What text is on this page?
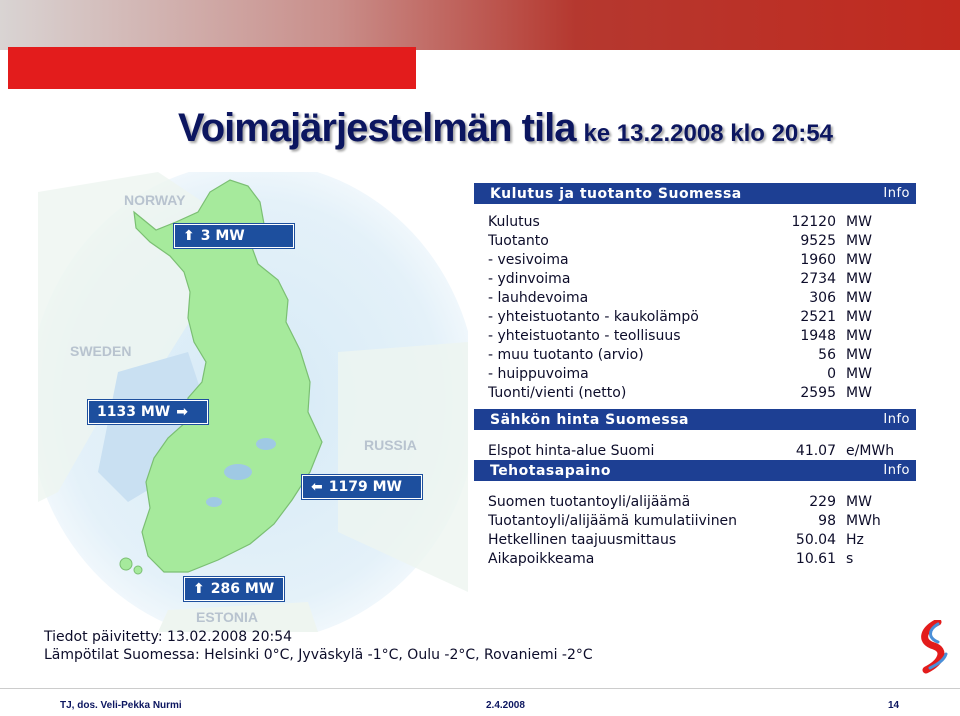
Voimajärjestelmän tila ke 13.2.2008 klo 20:54
NORWAY
SWEDEN
RUSSIA
ESTONIA
⬆ 3 MW
1133 MW ➡
⬅ 1179 MW
⬆ 286 MW
Kulutus ja tuotanto Suomessa	Info
Kulutus	12120 MW
Tuotanto	9525 MW
- vesivoima	1960 MW
- ydinvoima	2734 MW
- lauhdevoima	306 MW
- yhteistuotanto - kaukolämpö	2521 MW
- yhteistuotanto - teollisuus	1948 MW
- muu tuotanto (arvio)	56 MW
- huippuvoima	0 MW
Tuonti/vienti (netto)	2595 MW
Sähkön hinta Suomessa	Info
Elspot hinta-alue Suomi	41.07 e/MWh
Tehotasapaino	Info
Suomen tuotantoyli/alijäämä	229 MW
Tuotantoyli/alijäämä kumulatiivinen	98 MWh
Hetkellinen taajuusmittaus	50.04 Hz
Aikapoikkeama	10.61 s
Tiedot päivitetty: 13.02.2008 20:54
Lämpötilat Suomessa: Helsinki 0°C, Jyväskylä -1°C, Oulu -2°C, Rovaniemi -2°C
TJ, dos. Veli-Pekka Nurmi	2.4.2008	14
